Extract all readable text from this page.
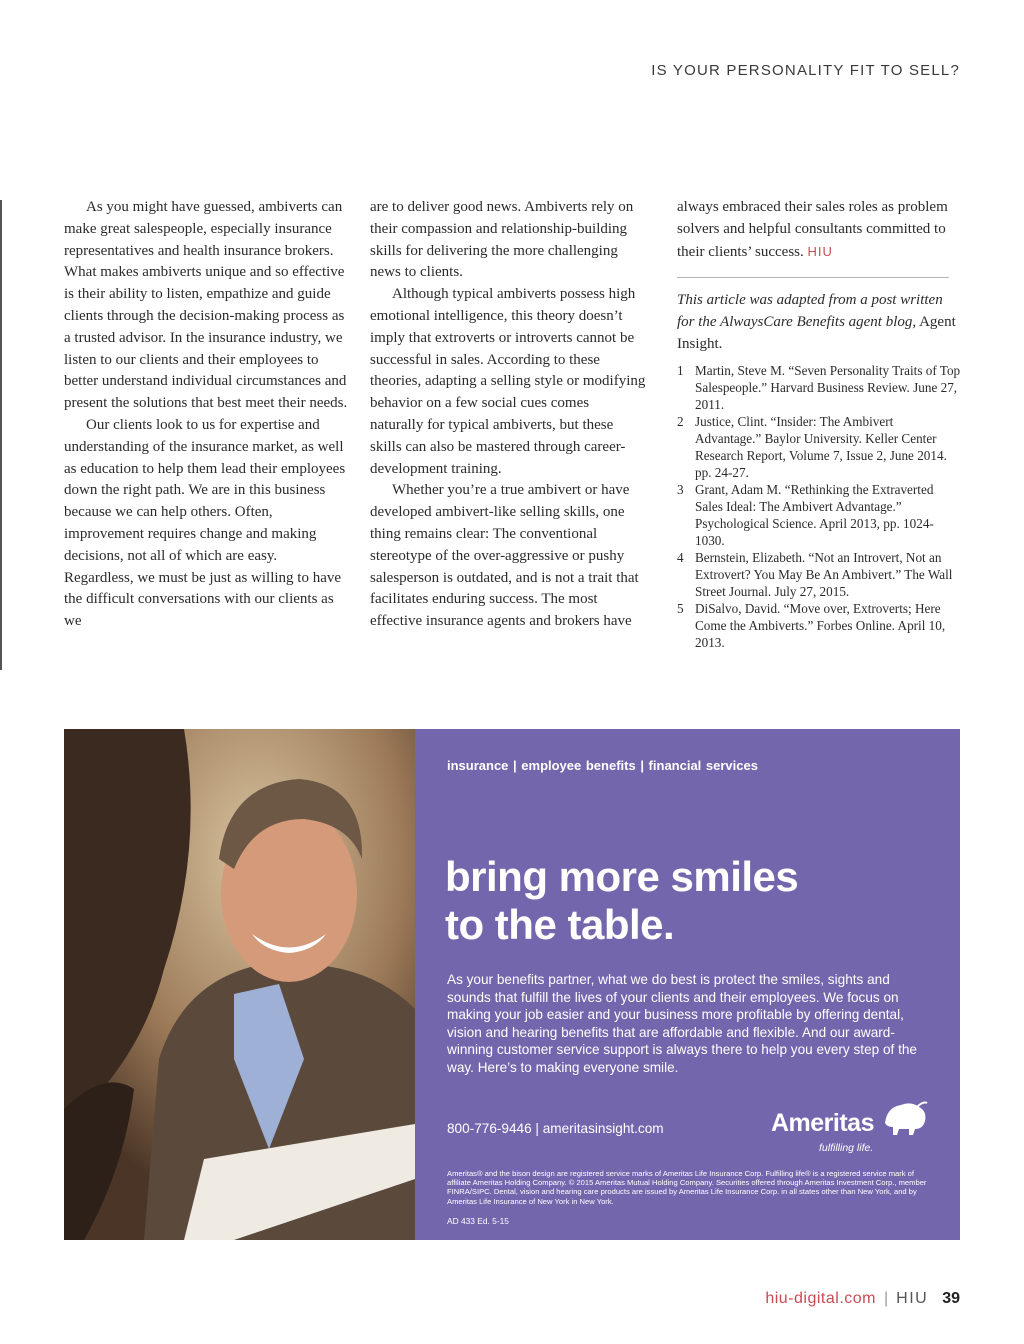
IS YOUR PERSONALITY FIT TO SELL?

As you might have guessed, ambiverts can make great salespeople, especially insurance representatives and health insurance brokers. What makes ambiverts unique and so effective is their ability to listen, empathize and guide clients through the decision-making process as a trusted advisor. In the insurance industry, we listen to our clients and their employees to better understand individual circumstances and present the solutions that best meet their needs.

Our clients look to us for expertise and understanding of the insurance market, as well as education to help them lead their employees down the right path. We are in this business because we can help others. Often, improvement requires change and making decisions, not all of which are easy. Regardless, we must be just as willing to have the difficult conversations with our clients as we

are to deliver good news. Ambiverts rely on their compassion and relationship-building skills for delivering the more challenging news to clients.

Although typical ambiverts possess high emotional intelligence, this theory doesn’t imply that extroverts or introverts cannot be successful in sales. According to these theories, adapting a selling style or modifying behavior on a few social cues comes naturally for typical ambiverts, but these skills can also be mastered through career-development training.

Whether you’re a true ambivert or have developed ambivert-like selling skills, one thing remains clear: The conventional stereotype of the over-aggressive or pushy salesperson is outdated, and is not a trait that facilitates enduring success. The most effective insurance agents and brokers have

always embraced their sales roles as problem solvers and helpful consultants committed to their clients’ success. HIU

This article was adapted from a post written for the AlwaysCare Benefits agent blog, Agent Insight.

1 Martin, Steve M. “Seven Personality Traits of Top Salespeople.” Harvard Business Review. June 27, 2011.
2 Justice, Clint. “Insider: The Ambivert Advantage.” Baylor University. Keller Center Research Report, Volume 7, Issue 2, June 2014. pp. 24-27.
3 Grant, Adam M. “Rethinking the Extraverted Sales Ideal: The Ambivert Advantage.” Psychological Science. April 2013, pp. 1024-1030.
4 Bernstein, Elizabeth. “Not an Introvert, Not an Extrovert? You May Be An Ambivert.” The Wall Street Journal. July 27, 2015.
5 DiSalvo, David. “Move over, Extroverts; Here Come the Ambiverts.” Forbes Online. April 10, 2013.
insurance | employee benefits | financial services
bring more smiles
to the table.
As your benefits partner, what we do best is protect the smiles, sights and sounds that fulfill the lives of your clients and their employees. We focus on making your job easier and your business more profitable by offering dental, vision and hearing benefits that are affordable and flexible. And our award-winning customer service support is always there to help you every step of the way. Here’s to making everyone smile.
800-776-9446 | ameritasinsight.com	Ameritas
fulfilling life.
Ameritas® and the bison design are registered service marks of Ameritas Life Insurance Corp. Fulfilling life® is a registered service mark of affiliate Ameritas Holding Company. © 2015 Ameritas Mutual Holding Company. Securities offered through Ameritas Investment Corp., member FINRA/SIPC. Dental, vision and hearing care products are issued by Ameritas Life Insurance Corp. in all states other than New York, and by Ameritas Life Insurance of New York in New York.
AD 433 Ed. 5-15
hiu-digital.com | HIU 39
